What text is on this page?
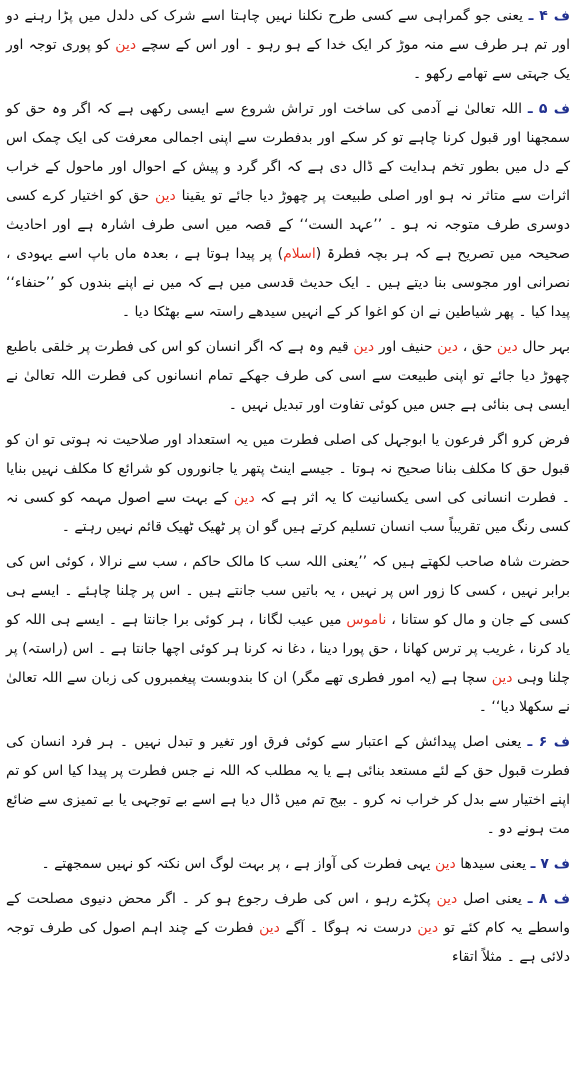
ف ۴ ـ یعنی جو گمراہی سے کسی طرح نکلنا نہیں چاہتا اسے شرک کی دلدل میں پڑا رہنے دو اور تم ہر طرف سے منہ موڑ کر ایک خدا کے ہو رہو ۔ اور اس کے سچے دین کو پوری توجہ اور یک جہتی سے تھامے رکھو ۔

ف ۵ ـ اللہ تعالیٰ نے آدمی کی ساخت اور تراش شروع سے ایسی رکھی ہے کہ اگر وہ حق کو سمجھنا اور قبول کرنا چاہے تو کر سکے اور بدفطرت سے اپنی اجمالی معرفت کی ایک چمک اس کے دل میں بطور تخم ہدایت کے ڈال دی ہے کہ اگر گرد و پیش کے احوال اور ماحول کے خراب اثرات سے متاثر نہ ہو اور اصلی طبیعت پر چھوڑ دیا جائے تو یقینا دین حق کو اختیار کرے کسی دوسری طرف متوجہ نہ ہو ۔ ’’عہد الست‘‘ کے قصہ میں اسی طرف اشارہ ہے اور احادیث صحیحہ میں تصریح ہے کہ ہر بچہ فطرۃ (اسلام) پر پیدا ہوتا ہے ، بعدہ ماں باپ اسے یہودی ، نصرانی اور مجوسی بنا دیتے ہیں ۔ ایک حدیث قدسی میں ہے کہ میں نے اپنے بندوں کو ’’حنفاء‘‘ پیدا کیا ۔ پھر شیاطین نے ان کو اغوا کر کے انہیں سیدھے راستہ سے بھٹکا دیا ۔

بہر حال دین حق ، دین حنیف اور دین قیم وہ ہے کہ اگر انسان کو اس کی فطرت پر خلقی باطبع چھوڑ دیا جائے تو اپنی طبیعت سے اسی کی طرف جھکے تمام انسانوں کی فطرت اللہ تعالیٰ نے ایسی ہی بنائی ہے جس میں کوئی تفاوت اور تبدیل نہیں ۔

فرض کرو اگر فرعون یا ابوجہل کی اصلی فطرت میں یہ استعداد اور صلاحیت نہ ہوتی تو ان کو قبول حق کا مکلف بنانا صحیح نہ ہوتا ۔ جیسے اینٹ پتھر یا جانوروں کو شرائع کا مکلف نہیں بنایا ۔ فطرت انسانی کی اسی یکسانیت کا یہ اثر ہے کہ دین کے بہت سے اصول مہمہ کو کسی نہ کسی رنگ میں تقریباً سب انسان تسلیم کرتے ہیں گو ان پر ٹھیک ٹھیک قائم نہیں رہتے ۔

حضرت شاہ صاحب لکھتے ہیں کہ ’’یعنی اللہ سب کا مالک حاکم ، سب سے نرالا ، کوئی اس کی برابر نہیں ، کسی کا زور اس پر نہیں ، یہ باتیں سب جانتے ہیں ۔ اس پر چلنا چاہئے ۔ ایسے ہی کسی کے جان و مال کو ستانا ، ناموس میں عیب لگانا ، ہر کوئی برا جانتا ہے ۔ ایسے ہی اللہ کو یاد کرنا ، غریب پر ترس کھانا ، حق پورا دینا ، دغا نہ کرنا ہر کوئی اچھا جانتا ہے ۔ اس (راستہ) پر چلنا وہی دین سچا ہے (یہ امور فطری تھے مگر) ان کا بندوبست پیغمبروں کی زبان سے اللہ تعالیٰ نے سکھلا دیا‘‘ ۔

ف ۶ ـ یعنی اصل پیدائش کے اعتبار سے کوئی فرق اور تغیر و تبدل نہیں ۔ ہر فرد انسان کی فطرت قبول حق کے لئے مستعد بنائی ہے یا یہ مطلب کہ اللہ نے جس فطرت پر پیدا کیا اس کو تم اپنے اختیار سے بدل کر خراب نہ کرو ۔ بیج تم میں ڈال دیا ہے اسے بے توجہی یا بے تمیزی سے ضائع مت ہونے دو ۔

ف ۷ ـ یعنی سیدھا دین یہی فطرت کی آواز ہے ، پر بہت لوگ اس نکتہ کو نہیں سمجھتے ۔

ف ۸ ـ یعنی اصل دین پکڑے رہو ، اس کی طرف رجوع ہو کر ۔ اگر محض دنیوی مصلحت کے واسطے یہ کام کئے تو دین درست نہ ہوگا ۔ آگے دین فطرت کے چند اہم اصول کی طرف توجہ دلائی ہے ۔ مثلاً اتقاء
